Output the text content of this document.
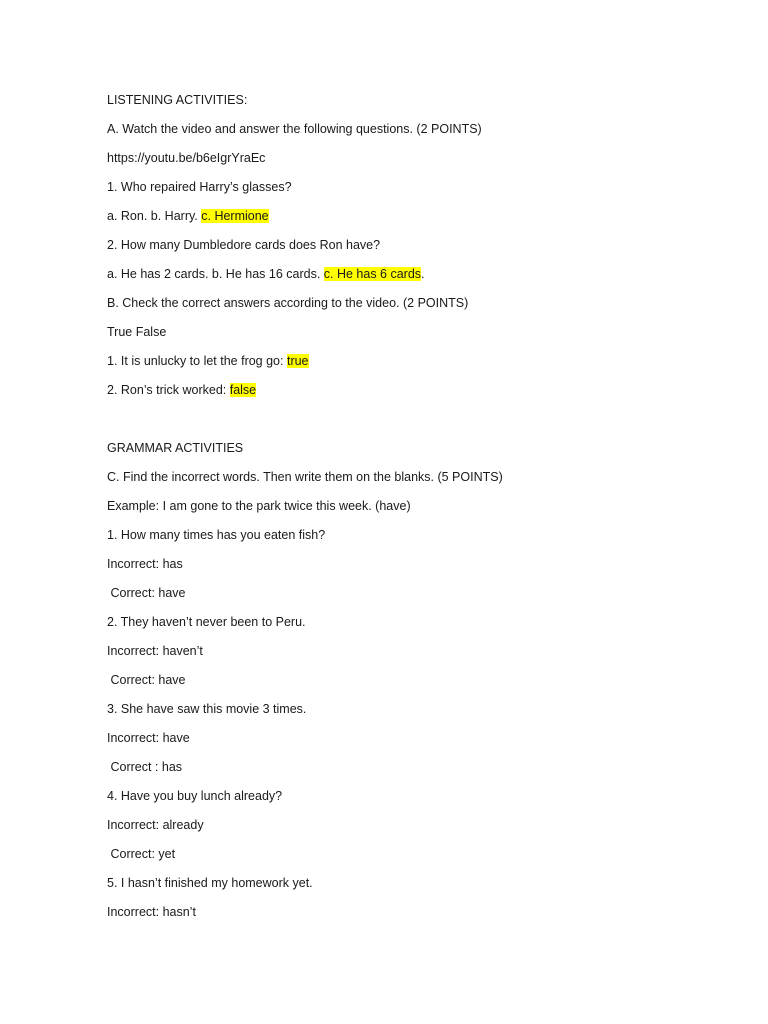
LISTENING ACTIVITIES:
A. Watch the video and answer the following questions. (2 POINTS)
https://youtu.be/b6eIgrYraEc
1. Who repaired Harry’s glasses?
a. Ron. b. Harry. c. Hermione
2. How many Dumbledore cards does Ron have?
a. He has 2 cards. b. He has 16 cards. c. He has 6 cards.
B. Check the correct answers according to the video. (2 POINTS)
True False
1. It is unlucky to let the frog go: true
2. Ron’s trick worked: false
GRAMMAR ACTIVITIES
C. Find the incorrect words. Then write them on the blanks. (5 POINTS)
Example: I am gone to the park twice this week. (have)
1. How many times has you eaten fish?
Incorrect: has
Correct: have
2. They haven’t never been to Peru.
Incorrect: haven’t
Correct: have
3. She have saw this movie 3 times.
Incorrect: have
Correct : has
4. Have you buy lunch already?
Incorrect: already
Correct: yet
5. I hasn’t finished my homework yet.
Incorrect: hasn’t
